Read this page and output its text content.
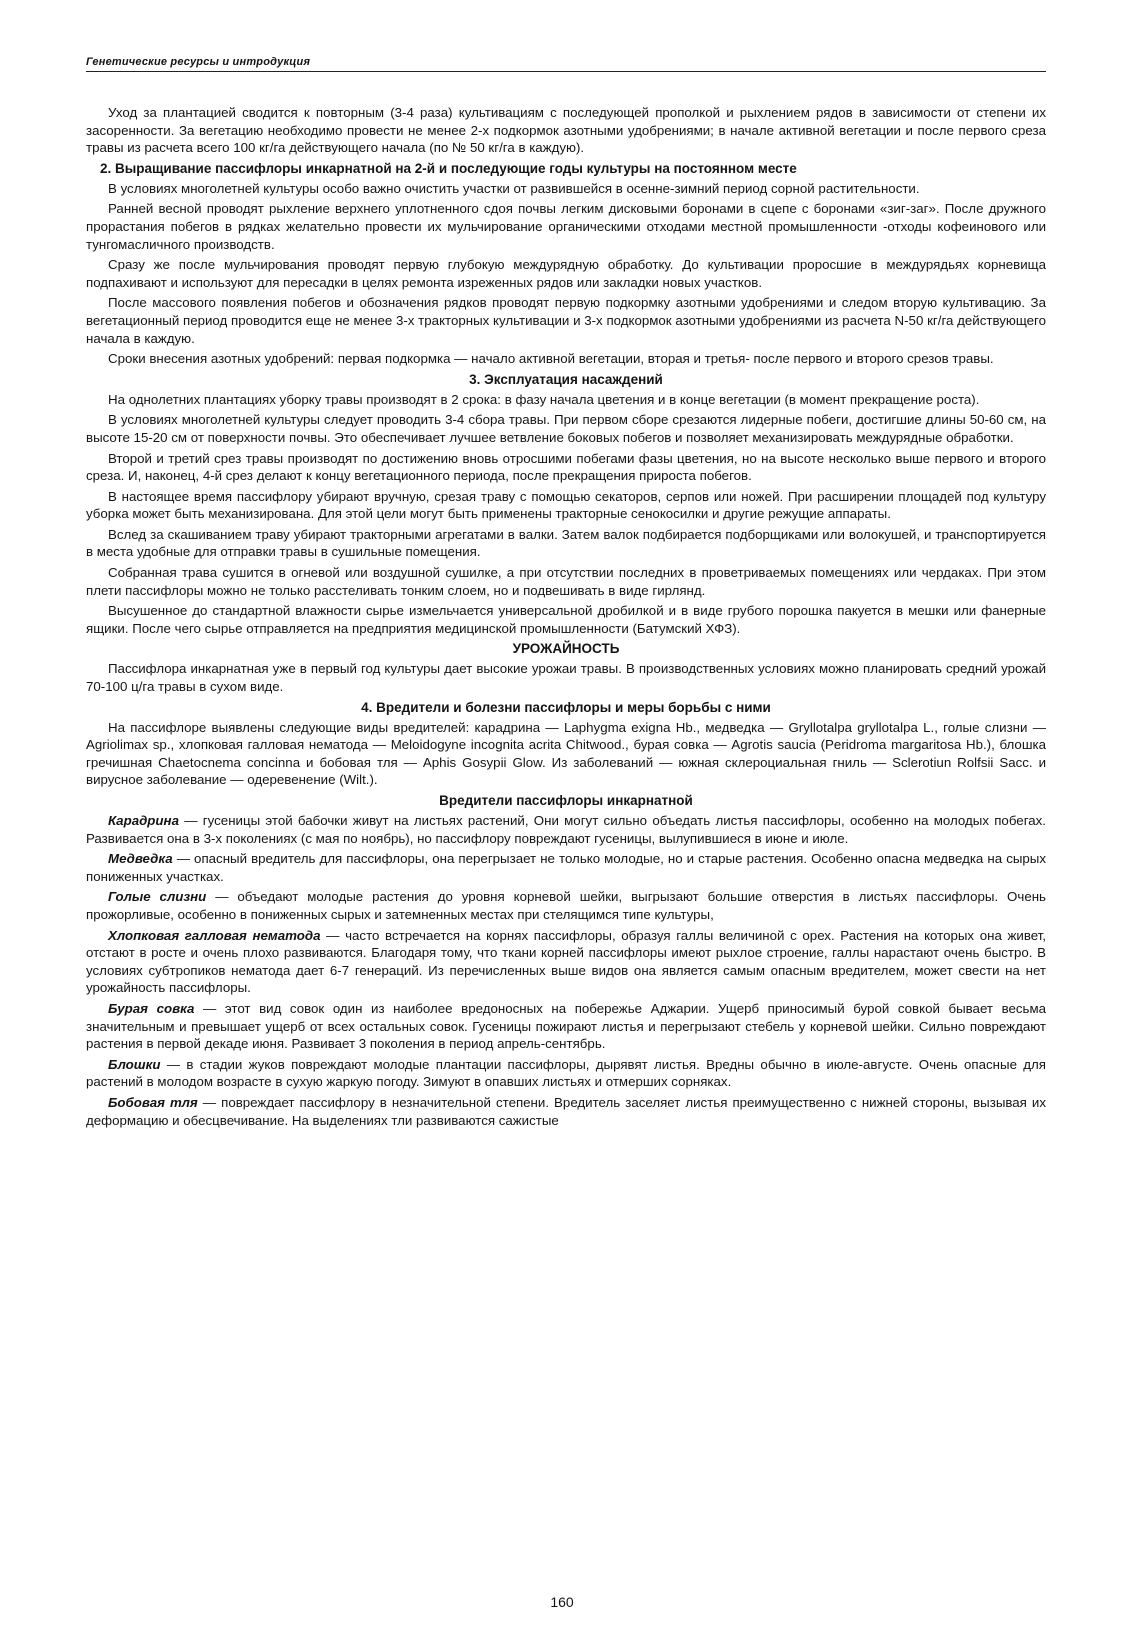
Генетические ресурсы и интродукция

Уход за плантацией сводится к повторным (3-4 раза) культивациям с последующей прополкой и рыхлением рядов в зависимости от степени их засоренности. За вегетацию необходимо провести не менее 2-х подкормок азотными удобрениями; в начале активной вегетации и после первого среза травы из расчета всего 100 кг/га действующего начала (по № 50 кг/га в каждую).

2. Выращивание пассифлоры инкарнатной на 2-й и последующие годы культуры на постоянном месте

В условиях многолетней культуры особо важно очистить участки от развившейся в осенне-зимний период сорной растительности.

Ранней весной проводят рыхление верхнего уплотненного сдоя почвы легким дисковыми боронами в сцепе с боронами «зиг-заг». После дружного прорастания побегов в рядках желательно провести их мульчирование органическими отходами местной промышленности -отходы кофеинового или тунгомасличного производств.

Сразу же после мульчирования проводят первую глубокую междурядную обработку. До культивации проросшие в междурядьях корневища подпахивают и используют для пересадки в целях ремонта изреженных рядов или закладки новых участков.

После массового появления побегов и обозначения рядков проводят первую подкормку азотными удобрениями и следом вторую культивацию. За вегетационный период проводится еще не менее 3-х тракторных культивации и 3-х подкормок азотными удобрениями из расчета N-50 кг/га действующего начала в каждую.

Сроки внесения азотных удобрений: первая подкормка — начало активной вегетации, вторая и третья- после первого и второго срезов травы.

3. Эксплуатация насаждений

На однолетних плантациях уборку травы производят в 2 срока: в фазу начала цветения и в конце вегетации (в момент прекращение роста).

В условиях многолетней культуры следует проводить 3-4 сбора травы. При первом сборе срезаются лидерные побеги, достигшие длины 50-60 см, на высоте 15-20 см от поверхности почвы. Это обеспечивает лучшее ветвление боковых побегов и позволяет механизировать междурядные обработки.

Второй и третий срез травы производят по достижению вновь отросшими побегами фазы цветения, но на высоте несколько выше первого и второго среза. И, наконец, 4-й срез делают к концу вегетационного периода, после прекращения прироста побегов.

В настоящее время пассифлору убирают вручную, срезая траву с помощью секаторов, серпов или ножей. При расширении площадей под культуру уборка может быть механизирована. Для этой цели могут быть применены тракторные сенокосилки и другие режущие аппараты.

Вслед за скашиванием траву убирают тракторными агрегатами в валки. Затем валок подбирается подборщиками или волокушей, и транспортируется в места удобные для отправки травы в сушильные помещения.

Собранная трава сушится в огневой или воздушной сушилке, а при отсутствии последних в проветриваемых помещениях или чердаках. При этом плети пассифлоры можно не только расстеливать тонким слоем, но и подвешивать в виде гирлянд.

Высушенное до стандартной влажности сырье измельчается универсальной дробилкой и в виде грубого порошка пакуется в мешки или фанерные ящики. После чего сырье отправляется на предприятия медицинской промышленности (Батумский ХФЗ).

УРОЖАЙНОСТЬ

Пассифлора инкарнатная уже в первый год культуры дает высокие урожаи травы. В производственных условиях можно планировать средний урожай 70-100 ц/га травы в сухом виде.

4. Вредители и болезни пассифлоры и меры борьбы с ними

На пассифлоре выявлены следующие виды вредителей: карадрина — Laphygma exigna Hb., медведка — Gryllotalpa gryllotalpa L., голые слизни — Agriolimax sp., хлопковая галловая нематода — Meloidogyne incognita acrita Chitwood., бурая совка — Agrotis saucia (Peridroma margaritosa Hb.), блошка гречишная Chaetocnema concinna и бобовая тля — Aphis Gosypii Glow. Из заболеваний — южная склероциальная гниль — Sclerotiun Rolfsii Sacc. и вирусное заболевание — одеревенение (Wilt.).

Вредители пассифлоры инкарнатной

Карадрина — гусеницы этой бабочки живут на листьях растений, Они могут сильно объедать листья пассифлоры, особенно на молодых побегах. Развивается она в 3-х поколениях (с мая по ноябрь), но пассифлору повреждают гусеницы, вылупившиеся в июне и июле.

Медведка — опасный вредитель для пассифлоры, она перегрызает не только молодые, но и старые растения. Особенно опасна медведка на сырых пониженных участках.

Голые слизни — объедают молодые растения до уровня корневой шейки, выгрызают большие отверстия в листьях пассифлоры. Очень прожорливые, особенно в пониженных сырых и затемненных местах при стелящимся типе культуры,

Хлопковая галловая нематода — часто встречается на корнях пассифлоры, образуя галлы величиной с орех. Растения на которых она живет, отстают в росте и очень плохо развиваются. Благодаря тому, что ткани корней пассифлоры имеют рыхлое строение, галлы нарастают очень быстро. В условиях субтропиков нематода дает 6-7 генераций. Из перечисленных выше видов она является самым опасным вредителем, может свести на нет урожайность пассифлоры.

Бурая совка — этот вид совок один из наиболее вредоносных на побережье Аджарии. Ущерб приносимый бурой совкой бывает весьма значительным и превышает ущерб от всех остальных совок. Гусеницы пожирают листья и перегрызают стебель у корневой шейки. Сильно повреждают растения в первой декаде июня. Развивает 3 поколения в период апрель-сентябрь.

Блошки — в стадии жуков повреждают молодые плантации пассифлоры, дырявят листья. Вредны обычно в июле-августе. Очень опасные для растений в молодом возрасте в сухую жаркую погоду. Зимуют в опавших листьях и отмерших сорняках.

Бобовая тля — повреждает пассифлору в незначительной степени. Вредитель заселяет листья преимущественно с нижней стороны, вызывая их деформацию и обесцвечивание. На выделениях тли развиваются сажистые

160
